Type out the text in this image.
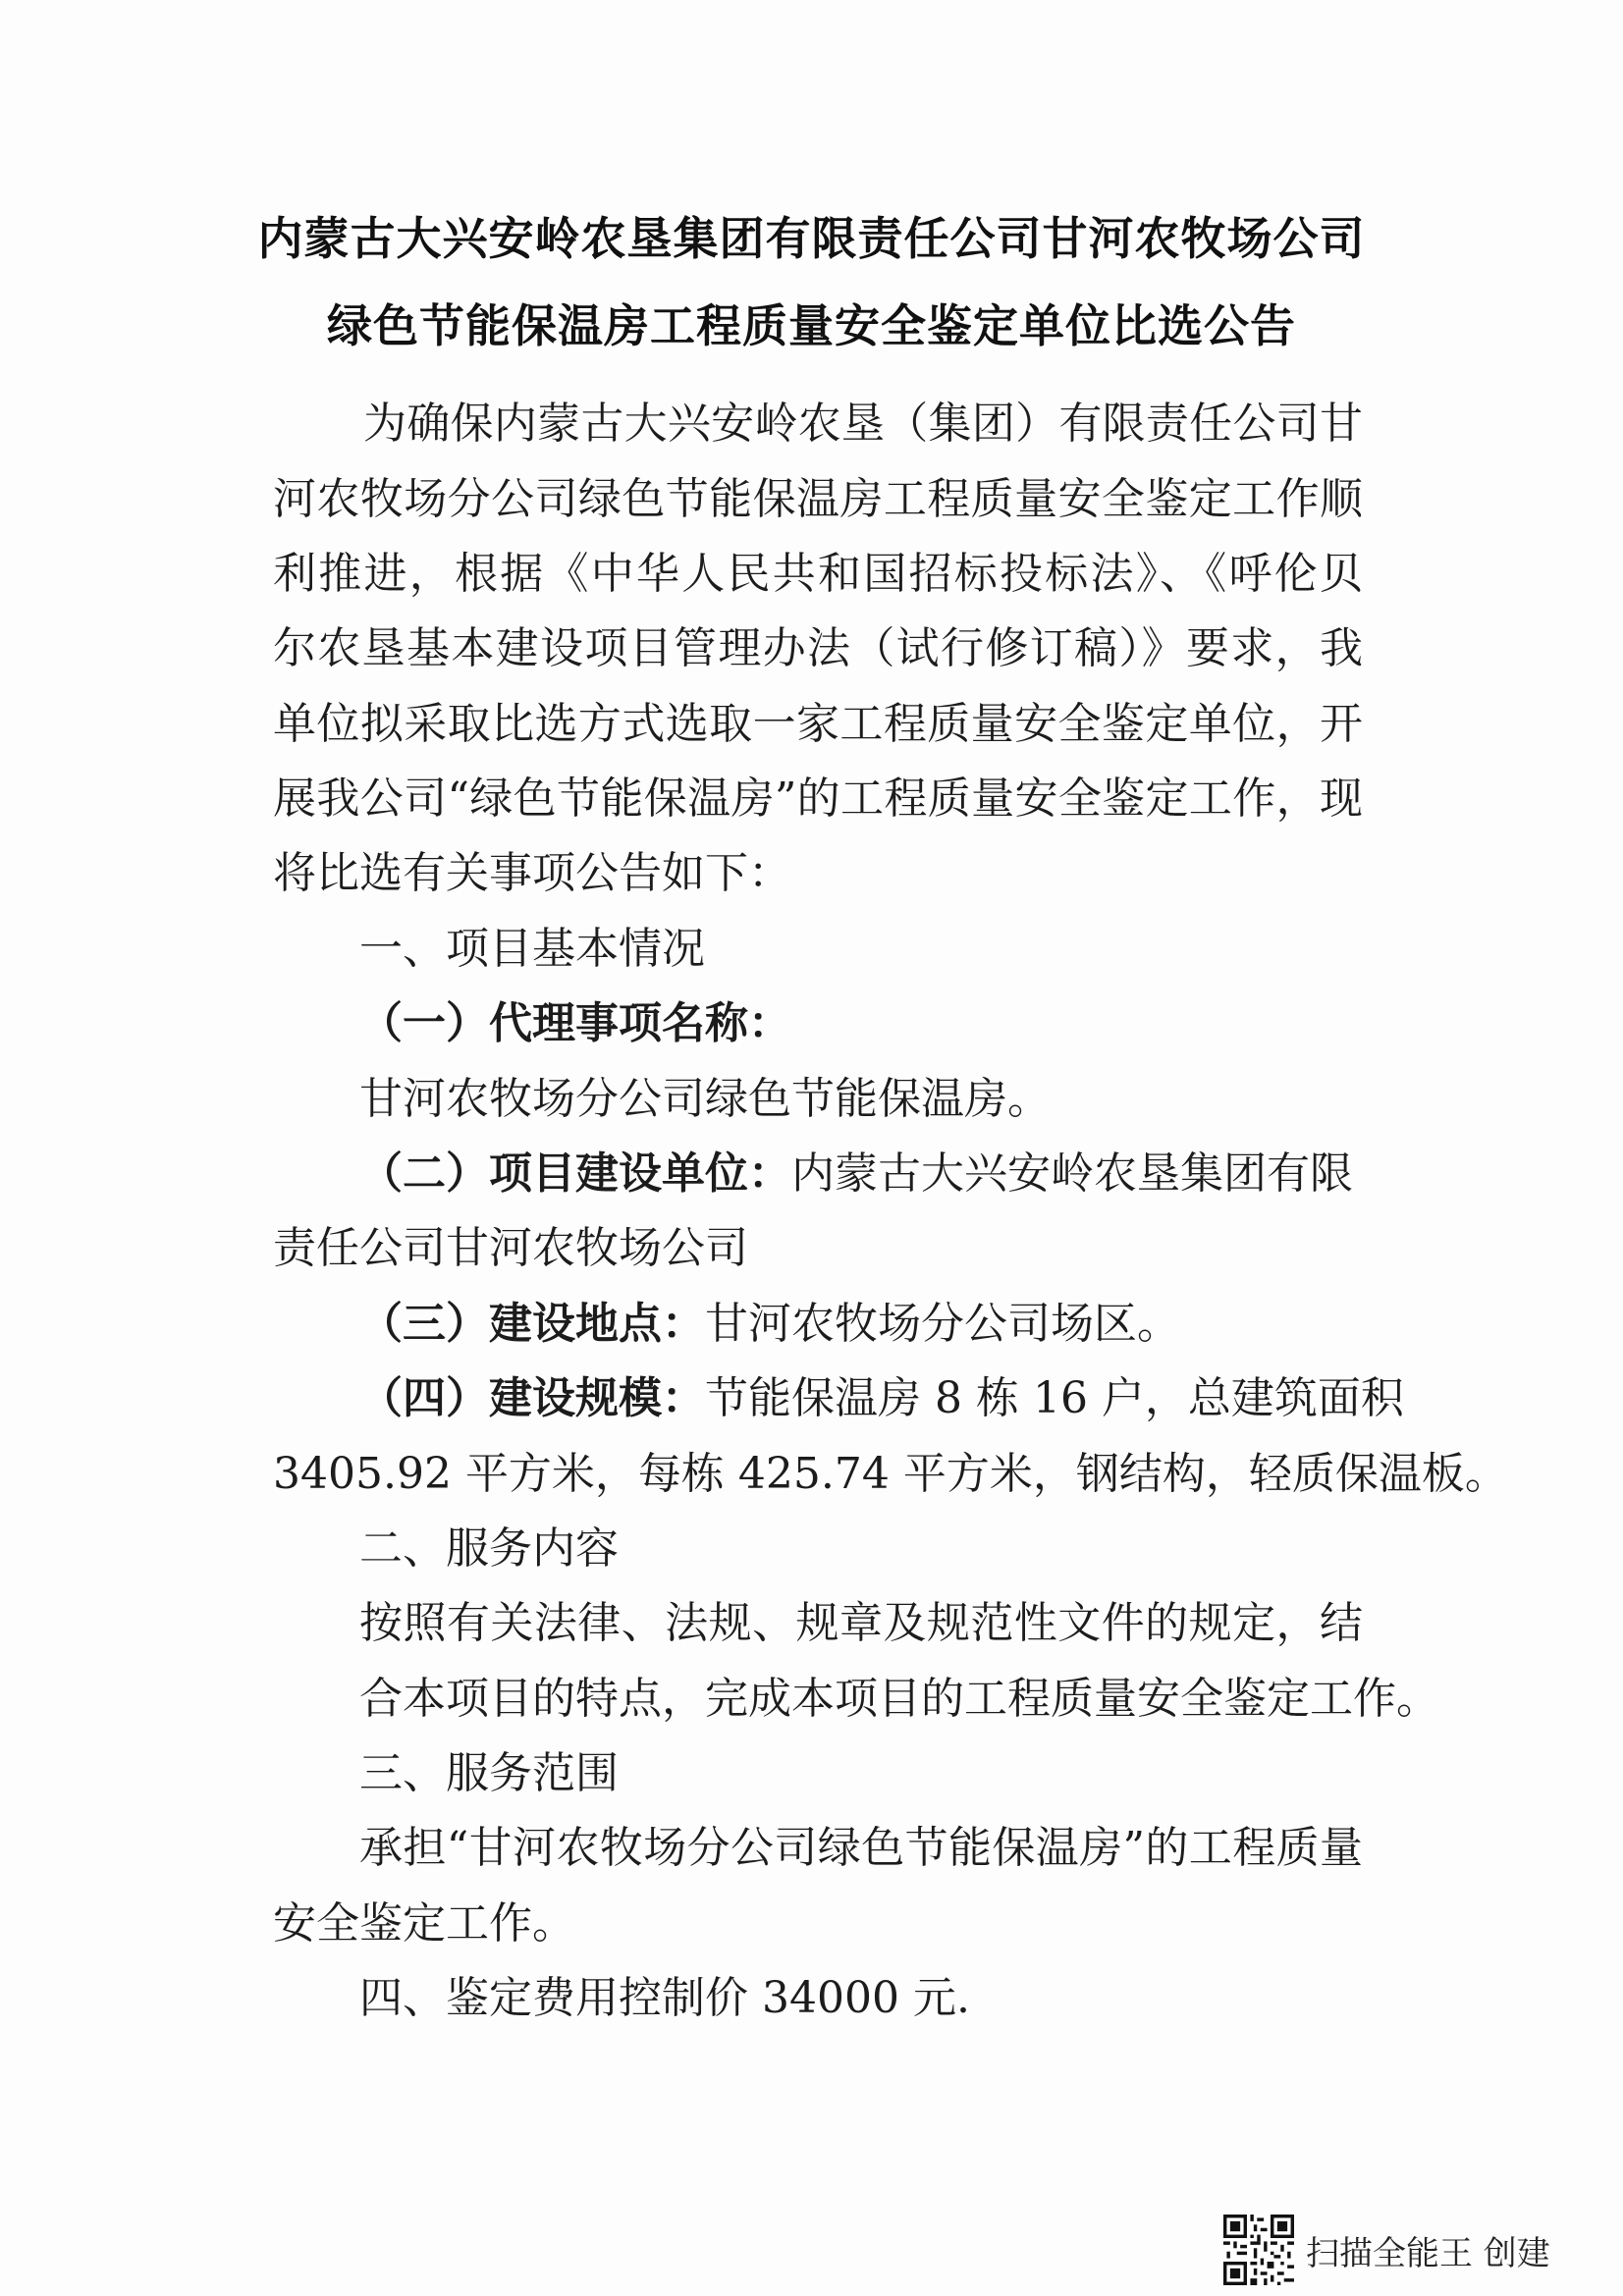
内蒙古大兴安岭农垦集团有限责任公司甘河农牧场公司
绿色节能保温房工程质量安全鉴定单位比选公告
为确保内蒙古大兴安岭农垦（集团）有限责任公司甘
河农牧场分公司绿色节能保温房工程质量安全鉴定工作顺
利推进，根据《中华人民共和国招标投标法》、《呼伦贝
尔农垦基本建设项目管理办法（试行修订稿）》要求，我
单位拟采取比选方式选取一家工程质量安全鉴定单位，开
展我公司“绿色节能保温房”的工程质量安全鉴定工作，现
将比选有关事项公告如下：
一、项目基本情况
（一）代理事项名称：
甘河农牧场分公司绿色节能保温房。
（二）项目建设单位：内蒙古大兴安岭农垦集团有限
责任公司甘河农牧场公司
（三）建设地点：甘河农牧场分公司场区。
（四）建设规模：节能保温房 8 栋 16 户，总建筑面积
3405.92 平方米，每栋 425.74 平方米，钢结构，轻质保温板。
二、服务内容
按照有关法律、法规、规章及规范性文件的规定，结
合本项目的特点，完成本项目的工程质量安全鉴定工作。
三、服务范围
承担“甘河农牧场分公司绿色节能保温房”的工程质量
安全鉴定工作。
四、鉴定费用控制价 34000 元.
扫描全能王 创建
